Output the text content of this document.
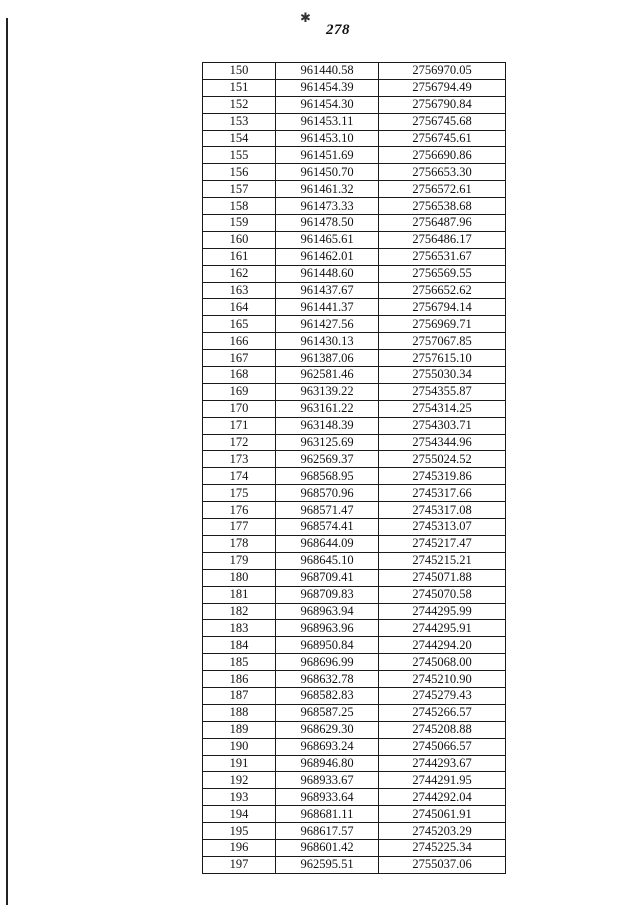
✱
278
150	961440.58	2756970.05
151	961454.39	2756794.49
152	961454.30	2756790.84
153	961453.11	2756745.68
154	961453.10	2756745.61
155	961451.69	2756690.86
156	961450.70	2756653.30
157	961461.32	2756572.61
158	961473.33	2756538.68
159	961478.50	2756487.96
160	961465.61	2756486.17
161	961462.01	2756531.67
162	961448.60	2756569.55
163	961437.67	2756652.62
164	961441.37	2756794.14
165	961427.56	2756969.71
166	961430.13	2757067.85
167	961387.06	2757615.10
168	962581.46	2755030.34
169	963139.22	2754355.87
170	963161.22	2754314.25
171	963148.39	2754303.71
172	963125.69	2754344.96
173	962569.37	2755024.52
174	968568.95	2745319.86
175	968570.96	2745317.66
176	968571.47	2745317.08
177	968574.41	2745313.07
178	968644.09	2745217.47
179	968645.10	2745215.21
180	968709.41	2745071.88
181	968709.83	2745070.58
182	968963.94	2744295.99
183	968963.96	2744295.91
184	968950.84	2744294.20
185	968696.99	2745068.00
186	968632.78	2745210.90
187	968582.83	2745279.43
188	968587.25	2745266.57
189	968629.30	2745208.88
190	968693.24	2745066.57
191	968946.80	2744293.67
192	968933.67	2744291.95
193	968933.64	2744292.04
194	968681.11	2745061.91
195	968617.57	2745203.29
196	968601.42	2745225.34
197	962595.51	2755037.06
